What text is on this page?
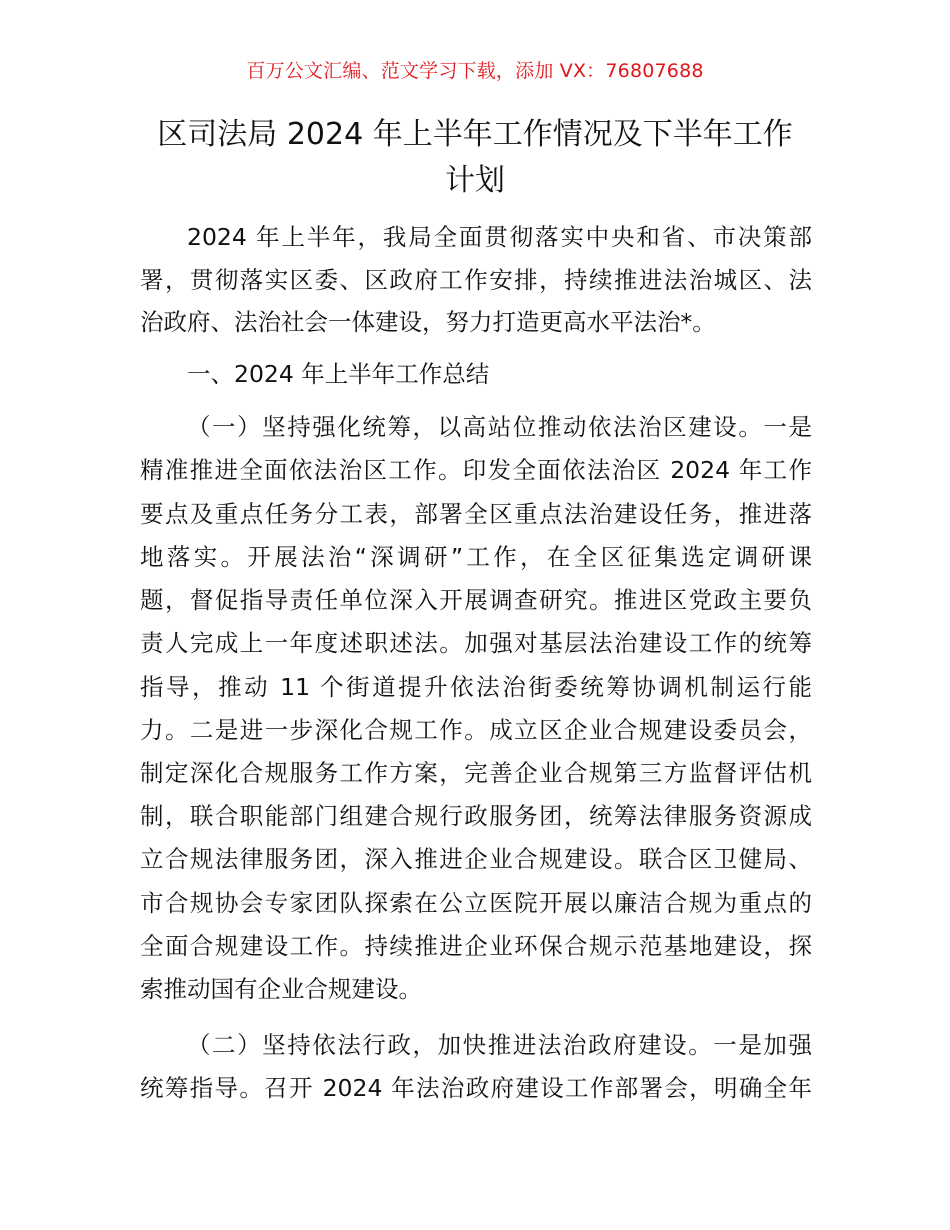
百万公文汇编、范文学习下载，添加 VX：76807688
区司法局 2024 年上半年工作情况及下半年工作
计划
2024 年上半年，我局全面贯彻落实中央和省、市决策部
署，贯彻落实区委、区政府工作安排，持续推进法治城区、法
治政府、法治社会一体建设，努力打造更高水平法治*。
一、2024 年上半年工作总结
（一）坚持强化统筹，以高站位推动依法治区建设。一是
精准推进全面依法治区工作。印发全面依法治区 2024 年工作
要点及重点任务分工表，部署全区重点法治建设任务，推进落
地落实。开展法治“深调研”工作，在全区征集选定调研课
题，督促指导责任单位深入开展调查研究。推进区党政主要负
责人完成上一年度述职述法。加强对基层法治建设工作的统筹
指导，推动 11 个街道提升依法治街委统筹协调机制运行能
力。二是进一步深化合规工作。成立区企业合规建设委员会，
制定深化合规服务工作方案，完善企业合规第三方监督评估机
制，联合职能部门组建合规行政服务团，统筹法律服务资源成
立合规法律服务团，深入推进企业合规建设。联合区卫健局、
市合规协会专家团队探索在公立医院开展以廉洁合规为重点的
全面合规建设工作。持续推进企业环保合规示范基地建设，探
索推动国有企业合规建设。
（二）坚持依法行政，加快推进法治政府建设。一是加强
统筹指导。召开 2024 年法治政府建设工作部署会，明确全年
